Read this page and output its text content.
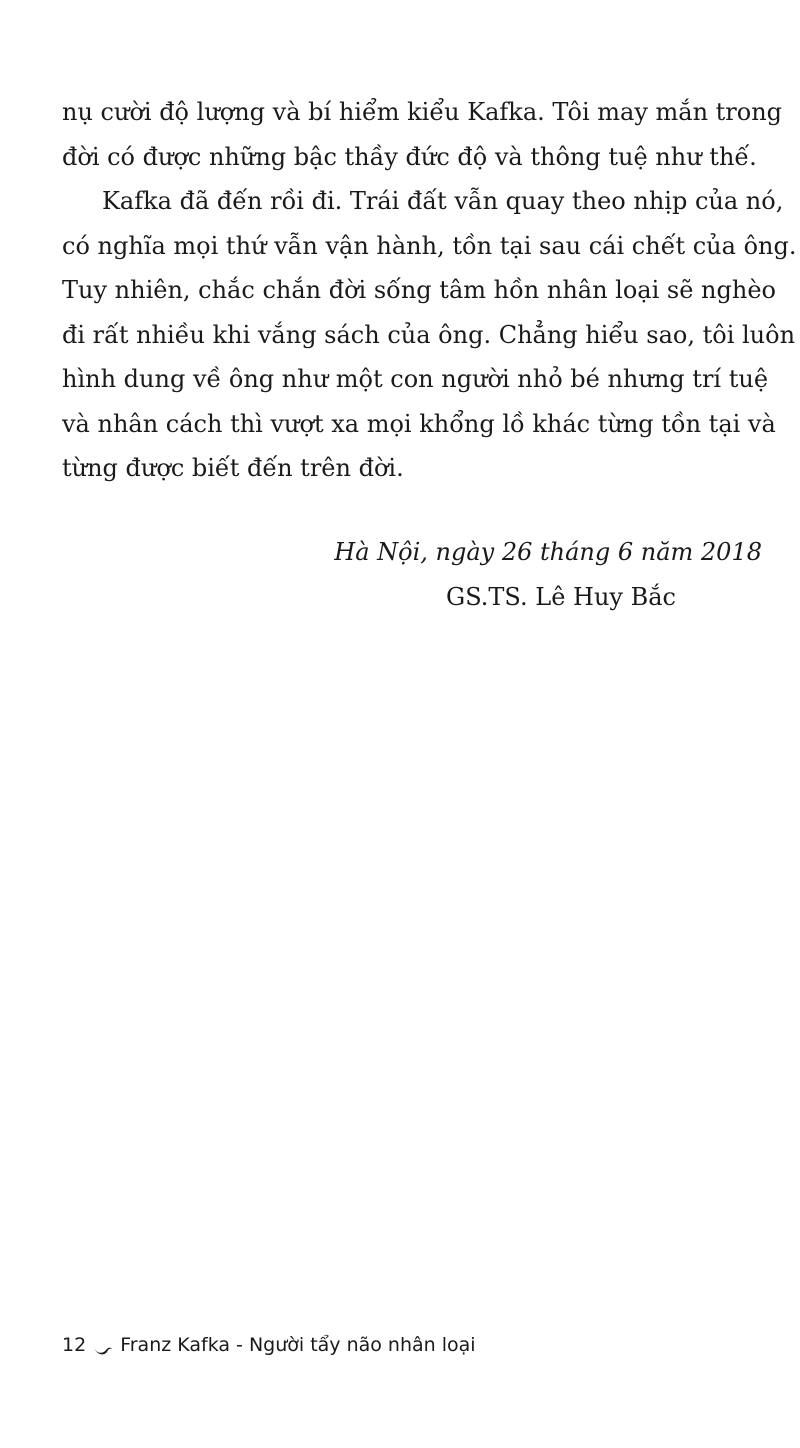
nụ cười độ lượng và bí hiểm kiểu Kafka. Tôi may mắn trong
đời có được những bậc thầy đức độ và thông tuệ như thế.
Kafka đã đến rồi đi. Trái đất vẫn quay theo nhịp của nó,
có nghĩa mọi thứ vẫn vận hành, tồn tại sau cái chết của ông.
Tuy nhiên, chắc chắn đời sống tâm hồn nhân loại sẽ nghèo
đi rất nhiều khi vắng sách của ông. Chẳng hiểu sao, tôi luôn
hình dung về ông như một con người nhỏ bé nhưng trí tuệ
và nhân cách thì vượt xa mọi khổng lồ khác từng tồn tại và
từng được biết đến trên đời.
Hà Nội, ngày 26 tháng 6 năm 2018
GS.TS. Lê Huy Bắc
12 Franz Kafka - Người tẩy não nhân loại
